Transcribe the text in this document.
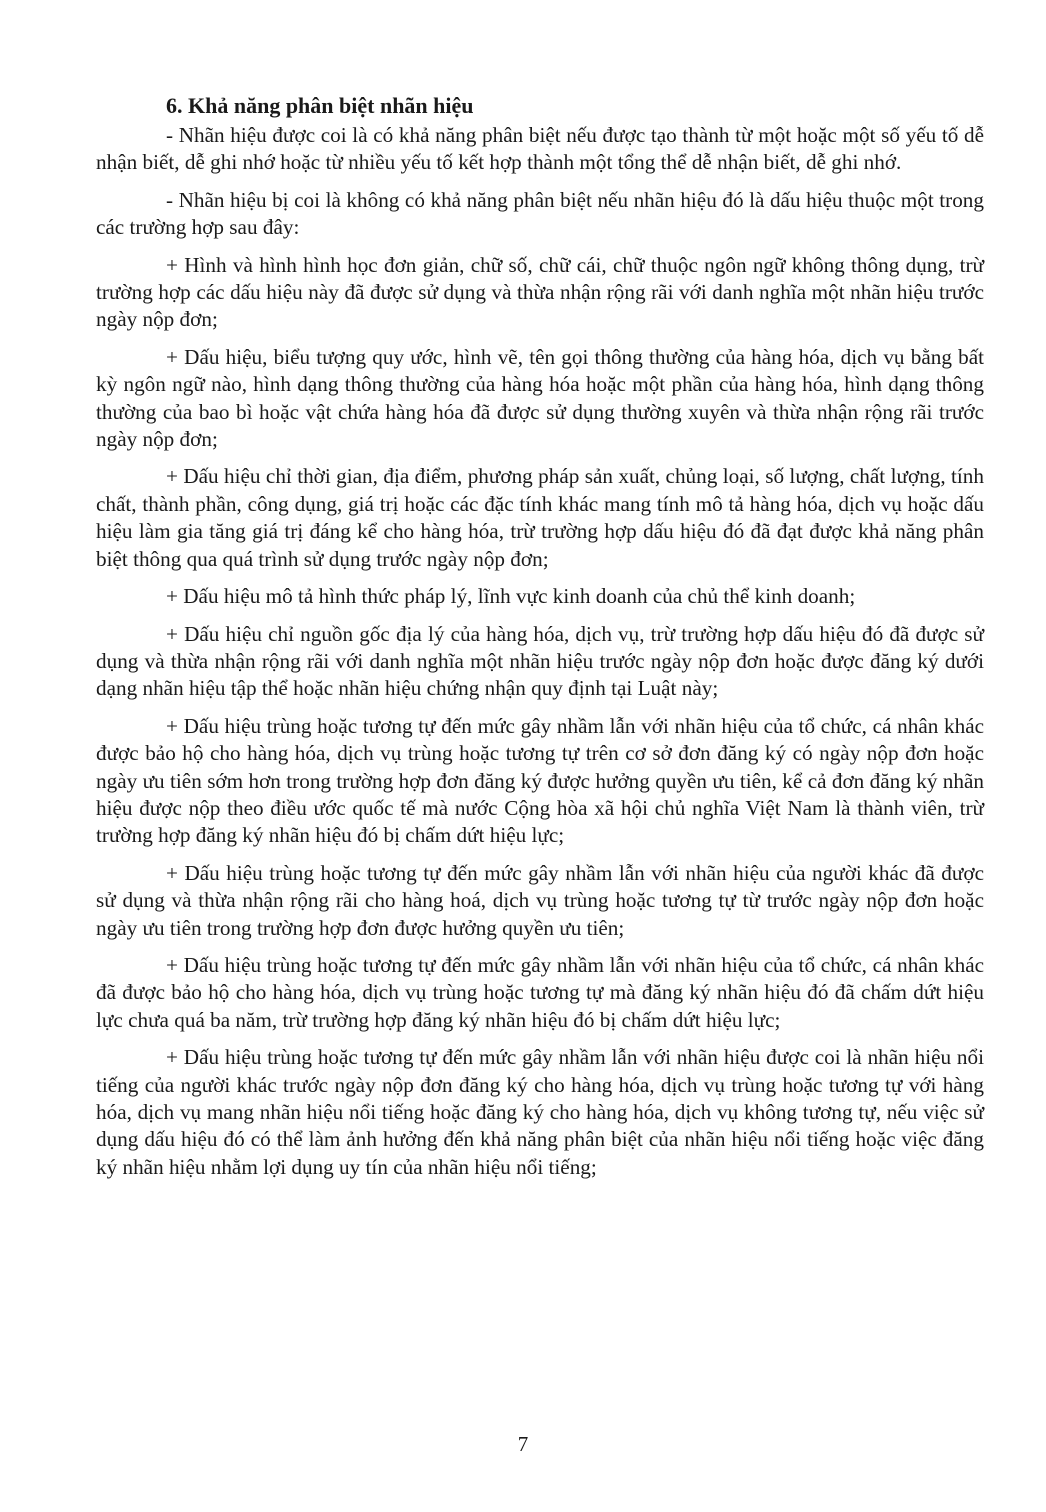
6. Khả năng phân biệt nhãn hiệu

- Nhãn hiệu được coi là có khả năng phân biệt nếu được tạo thành từ một hoặc một số yếu tố dễ nhận biết, dễ ghi nhớ hoặc từ nhiều yếu tố kết hợp thành một tổng thể dễ nhận biết, dễ ghi nhớ.

- Nhãn hiệu bị coi là không có khả năng phân biệt nếu nhãn hiệu đó là dấu hiệu thuộc một trong các trường hợp sau đây:

+ Hình và hình hình học đơn giản, chữ số, chữ cái, chữ thuộc ngôn ngữ không thông dụng, trừ trường hợp các dấu hiệu này đã được sử dụng và thừa nhận rộng rãi với danh nghĩa một nhãn hiệu trước ngày nộp đơn;

+ Dấu hiệu, biểu tượng quy ước, hình vẽ, tên gọi thông thường của hàng hóa, dịch vụ bằng bất kỳ ngôn ngữ nào, hình dạng thông thường của hàng hóa hoặc một phần của hàng hóa, hình dạng thông thường của bao bì hoặc vật chứa hàng hóa đã được sử dụng thường xuyên và thừa nhận rộng rãi trước ngày nộp đơn;

+ Dấu hiệu chỉ thời gian, địa điểm, phương pháp sản xuất, chủng loại, số lượng, chất lượng, tính chất, thành phần, công dụng, giá trị hoặc các đặc tính khác mang tính mô tả hàng hóa, dịch vụ hoặc dấu hiệu làm gia tăng giá trị đáng kể cho hàng hóa, trừ trường hợp dấu hiệu đó đã đạt được khả năng phân biệt thông qua quá trình sử dụng trước ngày nộp đơn;

+ Dấu hiệu mô tả hình thức pháp lý, lĩnh vực kinh doanh của chủ thể kinh doanh;

+ Dấu hiệu chỉ nguồn gốc địa lý của hàng hóa, dịch vụ, trừ trường hợp dấu hiệu đó đã được sử dụng và thừa nhận rộng rãi với danh nghĩa một nhãn hiệu trước ngày nộp đơn hoặc được đăng ký dưới dạng nhãn hiệu tập thể hoặc nhãn hiệu chứng nhận quy định tại Luật này;

+ Dấu hiệu trùng hoặc tương tự đến mức gây nhầm lẫn với nhãn hiệu của tổ chức, cá nhân khác được bảo hộ cho hàng hóa, dịch vụ trùng hoặc tương tự trên cơ sở đơn đăng ký có ngày nộp đơn hoặc ngày ưu tiên sớm hơn trong trường hợp đơn đăng ký được hưởng quyền ưu tiên, kể cả đơn đăng ký nhãn hiệu được nộp theo điều ước quốc tế mà nước Cộng hòa xã hội chủ nghĩa Việt Nam là thành viên, trừ trường hợp đăng ký nhãn hiệu đó bị chấm dứt hiệu lực;

+ Dấu hiệu trùng hoặc tương tự đến mức gây nhầm lẫn với nhãn hiệu của người khác đã được sử dụng và thừa nhận rộng rãi cho hàng hoá, dịch vụ trùng hoặc tương tự từ trước ngày nộp đơn hoặc ngày ưu tiên trong trường hợp đơn được hưởng quyền ưu tiên;

+ Dấu hiệu trùng hoặc tương tự đến mức gây nhầm lẫn với nhãn hiệu của tổ chức, cá nhân khác đã được bảo hộ cho hàng hóa, dịch vụ trùng hoặc tương tự mà đăng ký nhãn hiệu đó đã chấm dứt hiệu lực chưa quá ba năm, trừ trường hợp đăng ký nhãn hiệu đó bị chấm dứt hiệu lực;

+ Dấu hiệu trùng hoặc tương tự đến mức gây nhầm lẫn với nhãn hiệu được coi là nhãn hiệu nổi tiếng của người khác trước ngày nộp đơn đăng ký cho hàng hóa, dịch vụ trùng hoặc tương tự với hàng hóa, dịch vụ mang nhãn hiệu nổi tiếng hoặc đăng ký cho hàng hóa, dịch vụ không tương tự, nếu việc sử dụng dấu hiệu đó có thể làm ảnh hưởng đến khả năng phân biệt của nhãn hiệu nổi tiếng hoặc việc đăng ký nhãn hiệu nhằm lợi dụng uy tín của nhãn hiệu nổi tiếng;

7
